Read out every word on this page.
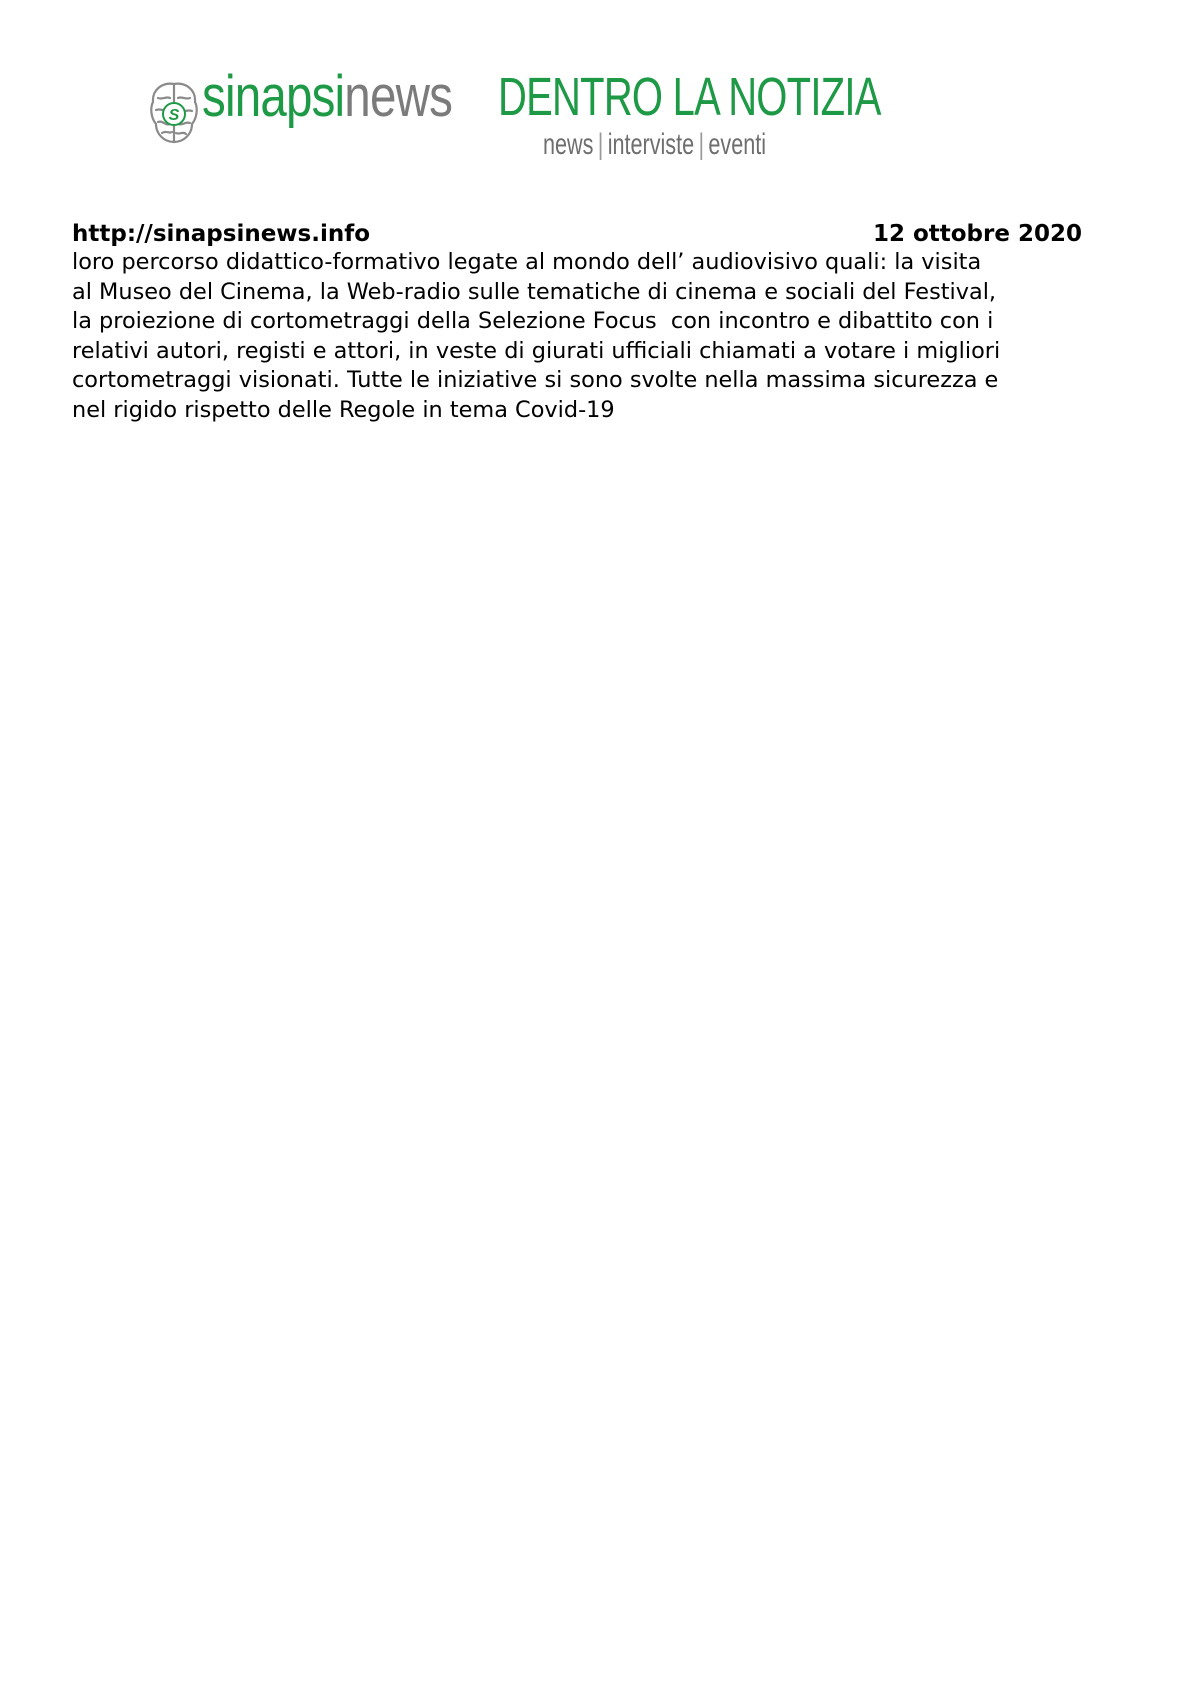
S sinapsinews DENTRO LA NOTIZIA
news | interviste | eventi
http://sinapsinews.info	12 ottobre 2020
loro percorso didattico-formativo legate al mondo dell’ audiovisivo quali: la visita
al Museo del Cinema, la Web-radio sulle tematiche di cinema e sociali del Festival,
la proiezione di cortometraggi della Selezione Focus  con incontro e dibattito con i
relativi autori, registi e attori, in veste di giurati ufficiali chiamati a votare i migliori
cortometraggi visionati. Tutte le iniziative si sono svolte nella massima sicurezza e
nel rigido rispetto delle Regole in tema Covid-19
